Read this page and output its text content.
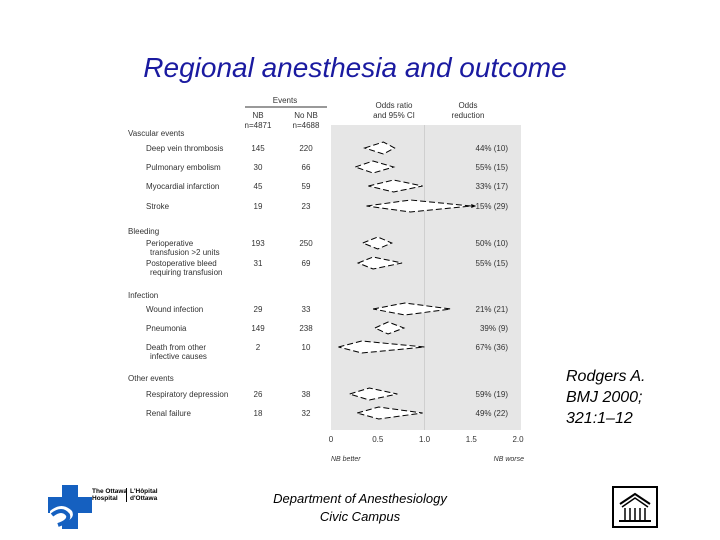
Regional anesthesia and outcome
Events
NB
n=4871
No NB
n=4688
Odds ratio
and 95% CI
Odds
reduction
Vascular events
Deep vein thrombosis	145	220	44% (10)
Pulmonary embolism	30	66	55% (15)
Myocardial infarction	45	59	33% (17)
Stroke	19	23	15% (29)
Bleeding
Perioperative
transfusion >2 units
193	250	50% (10)
Postoperative bleed
requiring transfusion
31	69	55% (15)
Infection
Wound infection	29	33	21% (21)
Pneumonia	149	238	39% (9)
Death from other
infective causes
2	10	67% (36)
Other events
Respiratory depression	26	38	59% (19)
Renal failure	18	32	49% (22)
0	0.5	1.0	1.5	2.0
NB better	NB worse
Rodgers A.
BMJ 2000;
321:1–12
Department of Anesthesiology
Civic Campus
The Ottawa
Hospital
L'Hôpital
d'Ottawa
